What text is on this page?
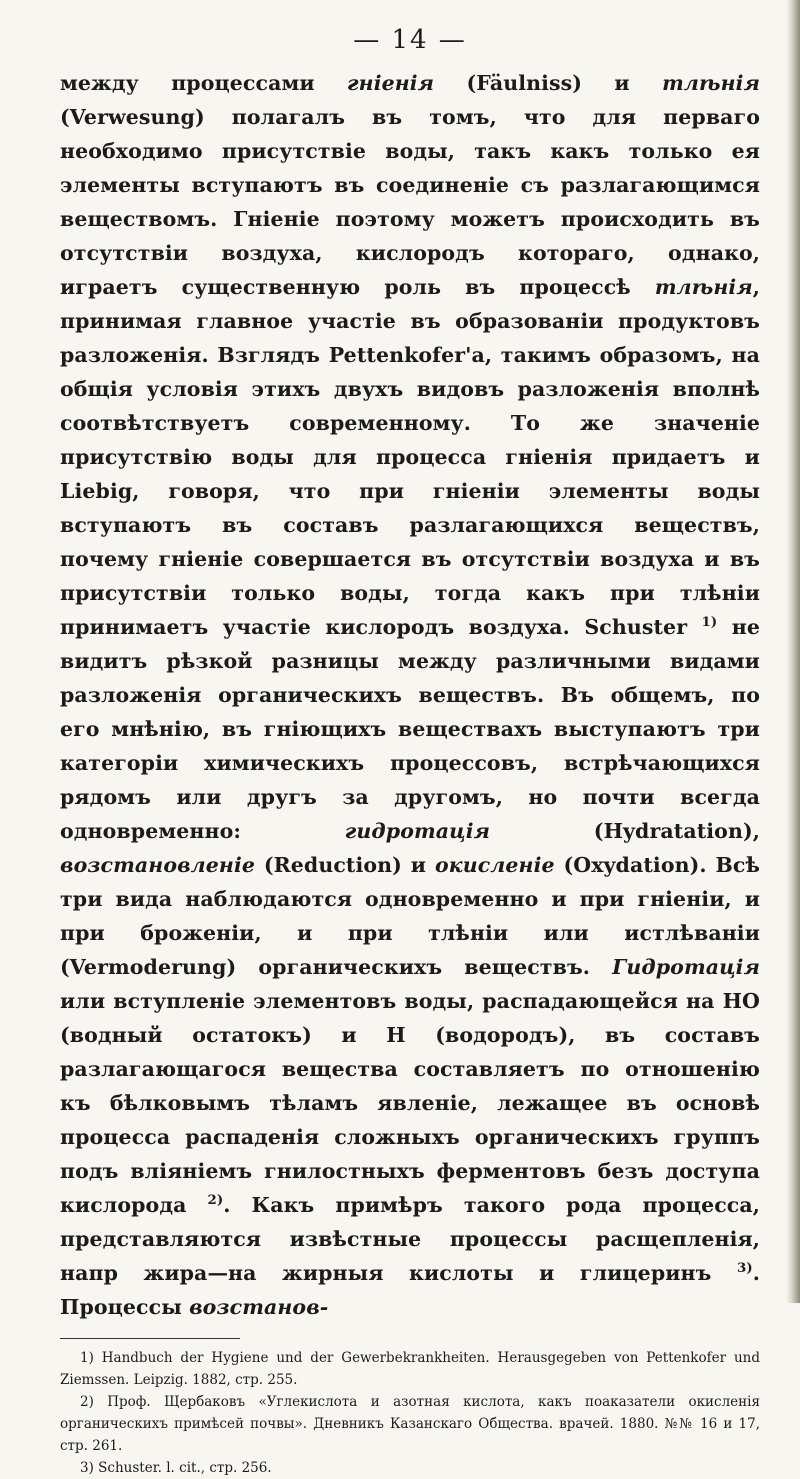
— 14 —
между процессами гніенія (Fäulniss) и тлѣнія (Verwesung) полагалъ въ томъ, что для перваго необходимо присутствіе воды, такъ какъ только ея элементы вступаютъ въ соединеніе съ разлагающимся веществомъ. Гніеніе поэтому можетъ происходить въ отсутствіи воздуха, кислородъ котораго, однако, играетъ существенную роль въ процессѣ тлѣнія, принимая главное участіе въ образованіи продуктовъ разложенія. Взглядъ Pettenkofer'а, такимъ образомъ, на общія условія этихъ двухъ видовъ разложенія вполнѣ соотвѣтствуетъ современному. То же значеніе присутствію воды для процесса гніенія придаетъ и Liebig, говоря, что при гніеніи элементы воды вступаютъ въ составъ разлагающихся веществъ, почему гніеніе совершается въ отсутствіи воздуха и въ присутствіи только воды, тогда какъ при тлѣніи принимаетъ участіе кислородъ воздуха. Schuster $^{1)}$ не видитъ рѣзкой разницы между различными видами разложенія органическихъ веществъ. Въ общемъ, по его мнѣнію, въ гніющихъ веществахъ выступаютъ три категоріи химическихъ процессовъ, встрѣчающихся рядомъ или другъ за другомъ, но почти всегда одновременно: гидротація (Hydratation), возстановленіе (Reduction) и окисленіе (Oxydation). Всѣ три вида наблюдаются одновременно и при гніеніи, и при броженіи, и при тлѣніи или истлѣваніи (Vermoderung) органическихъ веществъ. Гидротація или вступленіе элементовъ воды, распадающейся на HO (водный остатокъ) и H (водородъ), въ составъ разлагающагося вещества составляетъ по отношенію къ бѣлковымъ тѣламъ явленіе, лежащее въ основѣ процесса распаденія сложныхъ органическихъ группъ подъ вліяніемъ гнилостныхъ ферментовъ безъ доступа кислорода $^{2)}$. Какъ примѣръ такого рода процесса, представляются извѣстные процессы расщепленія, напр жира—на жирныя кислоты и глицеринъ $^{3)}$. Процессы возстанов-

1) Handbuch der Hygiene und der Gewerbekrankheiten. Herausgegeben von Pettenkofer und Ziemssen. Leipzig. 1882, стр. 255.

2) Проф. Щербаковъ «Углекислота и азотная кислота, какъ поаказатели окисленія органическихъ примѣсей почвы». Дневникъ Казанскаго Общества. врачей. 1880. №№ 16 и 17, стр. 261.

3) Schuster. l. cit., стр. 256.
